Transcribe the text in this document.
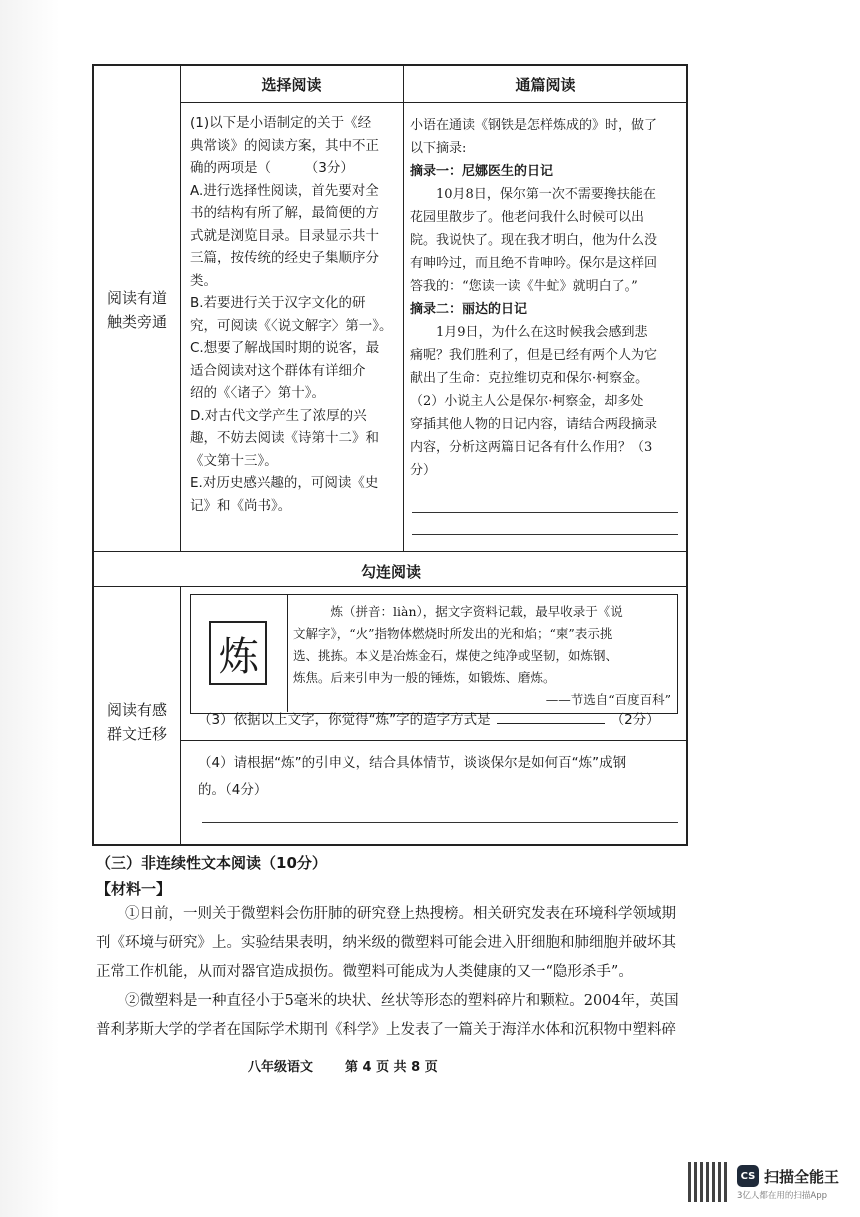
阅读有道
触类旁通
阅读有感
群文迁移
选择阅读	通篇阅读

(1)以下是小语制定的关于《经

典常谈》的阅读方案，其中不正

确的两项是（　　　（3分）

A.进行选择性阅读，首先要对全

书的结构有所了解，最简便的方

式就是浏览目录。目录显示共十

三篇，按传统的经史子集顺序分

类。

B.若要进行关于汉字文化的研

究，可阅读《〈说文解字〉第一》。

C.想要了解战国时期的说客，最

适合阅读对这个群体有详细介

绍的《〈诸子〉第十》。

D.对古代文学产生了浓厚的兴

趣，不妨去阅读《诗第十二》和

《文第十三》。

E.对历史感兴趣的，可阅读《史

记》和《尚书》。

小语在通读《钢铁是怎样炼成的》时，做了

以下摘录:

摘录一：尼娜医生的日记

　　10月8日，保尔第一次不需要搀扶能在

花园里散步了。他老问我什么时候可以出

院。我说快了。现在我才明白，他为什么没

有呻吟过，而且绝不肯呻吟。保尔是这样回

答我的：“您读一读《牛虻》就明白了。”

摘录二：丽达的日记

　　1月9日，为什么在这时候我会感到悲

痛呢？我们胜利了，但是已经有两个人为它

献出了生命：克拉维切克和保尔·柯察金。

（2）小说主人公是保尔·柯察金，却多处

穿插其他人物的日记内容，请结合两段摘录

内容，分析这两篇日记各有什么作用？（3

分）

勾连阅读
炼

　　　炼（拼音：liàn），据文字资料记载，最早收录于《说

文解字》，“火”指物体燃烧时所发出的光和焰；“柬”表示挑

选、挑拣。本义是冶炼金石，煤使之纯净或坚韧，如炼钢、

炼焦。后来引申为一般的锤炼，如锻炼、磨炼。

——节选自“百度百科”

（3）依据以上文字，你觉得“炼”字的造字方式是	（2分）

（4）请根据“炼”的引申义，结合具体情节，谈谈保尔是如何百“炼”成钢

的。（4分）

（三）非连续性文本阅读（10分）
【材料一】

　　①日前，一则关于微塑料会伤肝肺的研究登上热搜榜。相关研究发表在环境科学领域期

刊《环境与研究》上。实验结果表明，纳米级的微塑料可能会进入肝细胞和肺细胞并破坏其

正常工作机能，从而对器官造成损伤。微塑料可能成为人类健康的又一“隐形杀手”。

　　②微塑料是一种直径小于5毫米的块状、丝状等形态的塑料碎片和颗粒。2004年，英国

普利茅斯大学的学者在国际学术期刊《科学》上发表了一篇关于海洋水体和沉积物中塑料碎

八年级语文 第 4 页 共 8 页
CS 扫描全能王
3亿人都在用的扫描App
